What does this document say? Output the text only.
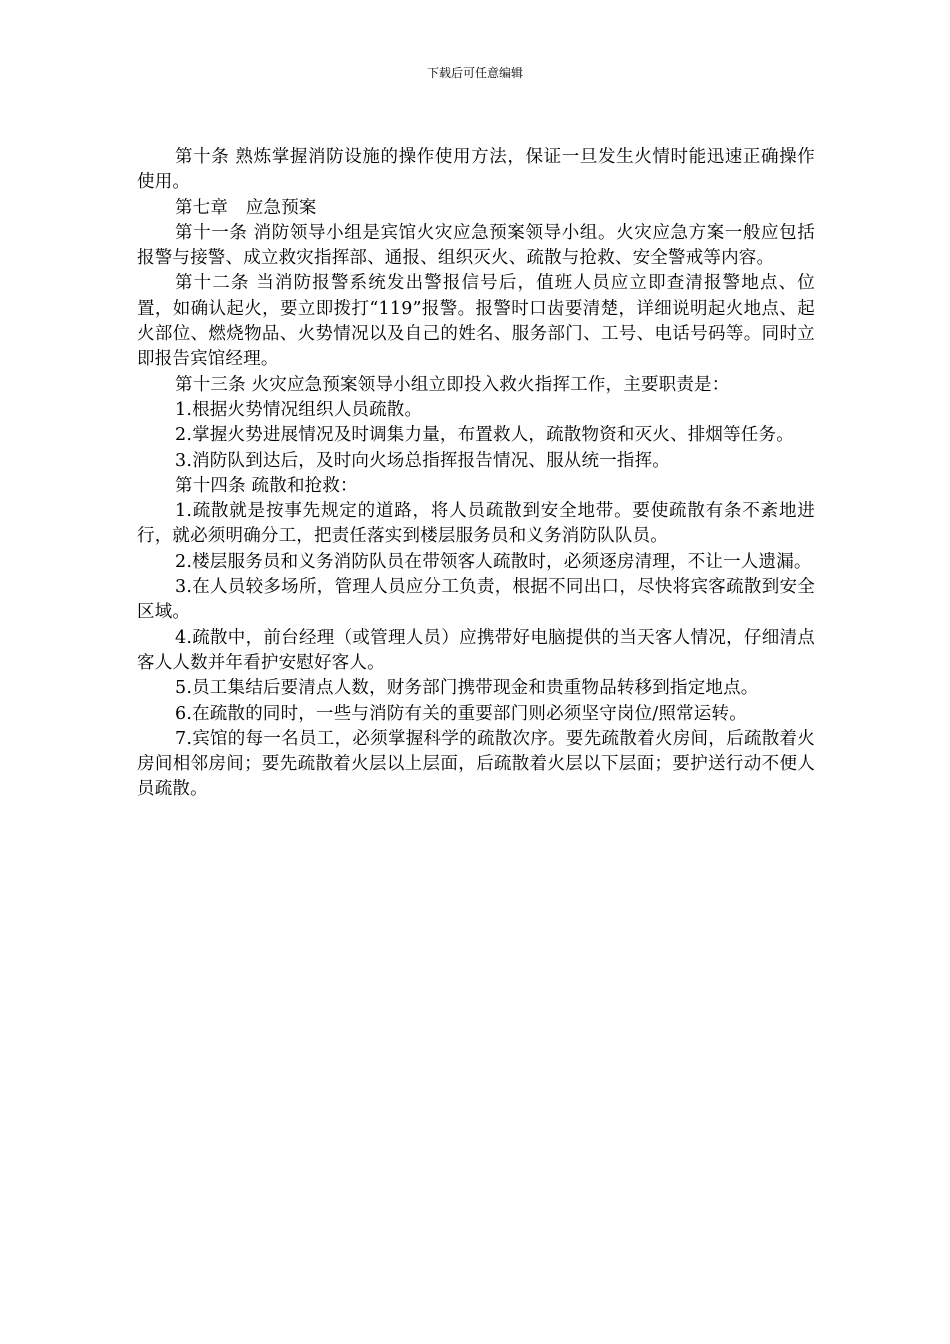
下载后可任意编辑

第十条 熟炼掌握消防设施的操作使用方法，保证一旦发生火情时能迅速正确操作使用。

第七章　应急预案

第十一条 消防领导小组是宾馆火灾应急预案领导小组。火灾应急方案一般应包括报警与接警、成立救灾指挥部、通报、组织灭火、疏散与抢救、安全警戒等内容。

第十二条 当消防报警系统发出警报信号后，值班人员应立即查清报警地点、位置，如确认起火，要立即拨打“119”报警。报警时口齿要清楚，详细说明起火地点、起火部位、燃烧物品、火势情况以及自己的姓名、服务部门、工号、电话号码等。同时立即报告宾馆经理。

第十三条 火灾应急预案领导小组立即投入救火指挥工作，主要职责是：

1.根据火势情况组织人员疏散。

2.掌握火势进展情况及时调集力量，布置救人，疏散物资和灭火、排烟等任务。

3.消防队到达后，及时向火场总指挥报告情况、服从统一指挥。

第十四条 疏散和抢救：

1.疏散就是按事先规定的道路，将人员疏散到安全地带。要使疏散有条不紊地进行，就必须明确分工，把责任落实到楼层服务员和义务消防队队员。

2.楼层服务员和义务消防队员在带领客人疏散时，必须逐房清理，不让一人遗漏。

3.在人员较多场所，管理人员应分工负责，根据不同出口，尽快将宾客疏散到安全区域。

4.疏散中，前台经理（或管理人员）应携带好电脑提供的当天客人情况，仔细清点客人人数并年看护安慰好客人。

5.员工集结后要清点人数，财务部门携带现金和贵重物品转移到指定地点。

6.在疏散的同时，一些与消防有关的重要部门则必须坚守岗位/照常运转。

7.宾馆的每一名员工，必须掌握科学的疏散次序。要先疏散着火房间，后疏散着火房间相邻房间；要先疏散着火层以上层面，后疏散着火层以下层面；要护送行动不便人员疏散。
